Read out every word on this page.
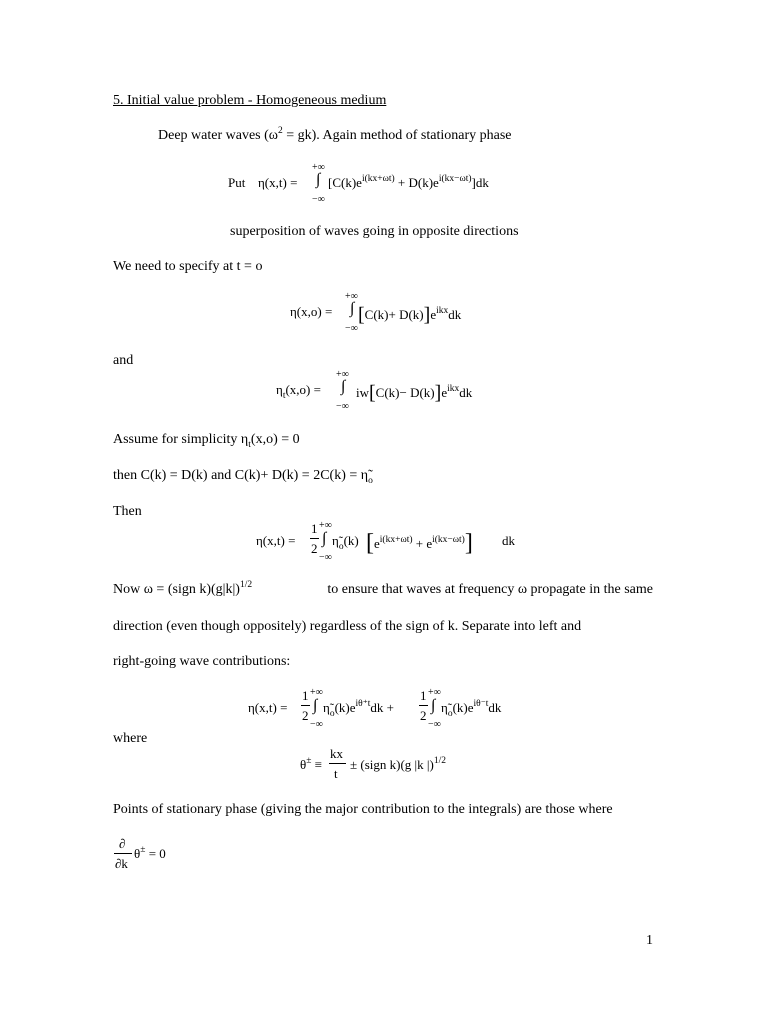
5. Initial value problem - Homogeneous medium
Deep water waves $(\omega^2 = gk)$. Again method of stationary phase
Put η(x,t) =
+∞
∫
−∞
$[C(k)e^{i(kx+\omega t)} + D(k)e^{i(kx-\omega t)}]dk$
superposition of waves going in opposite directions
We need to specify at t = o
η(x,o) =
+∞
∫
−∞
$[C(k)+ D(k)]e^{ikx}dk$
and
$\eta_t(x,o)$ =
+∞
∫
−∞
$iw[C(k)- D(k)]e^{ikx}dk$
Assume for simplicity $\eta_t(x,o) = 0$
then C(k) = D(k) and $C(k)+ D(k) = 2C(k) = \etã_o$
Then
η(x,t) =
1
2
+∞
∫
−∞
$\etã_o(k) [e^{i(kx+\omega t)} + e^{i(kx-\omega t)}]$ dk
Now ω = (sign $k)(g|k|)^{1/2}$	to ensure that waves at frequency ω propagate in the same
direction (even though oppositely) regardless of the sign of k. Separate into left and
right-going wave contributions:
η(x,t) =
1
2
+∞
∫
−∞
$\etã_o(k)e^{i\theta^+t}dk$ +
1
2
+∞
∫
−∞
$\etã_o(k)e^{i\theta^-t}dk$
where
θ± ≡
kx
t
± (sign k)(g |k |)$^{1/2}$
Points of stationary phase (giving the major contribution to the integrals) are those where
∂
∂k
θ± = 0
1
